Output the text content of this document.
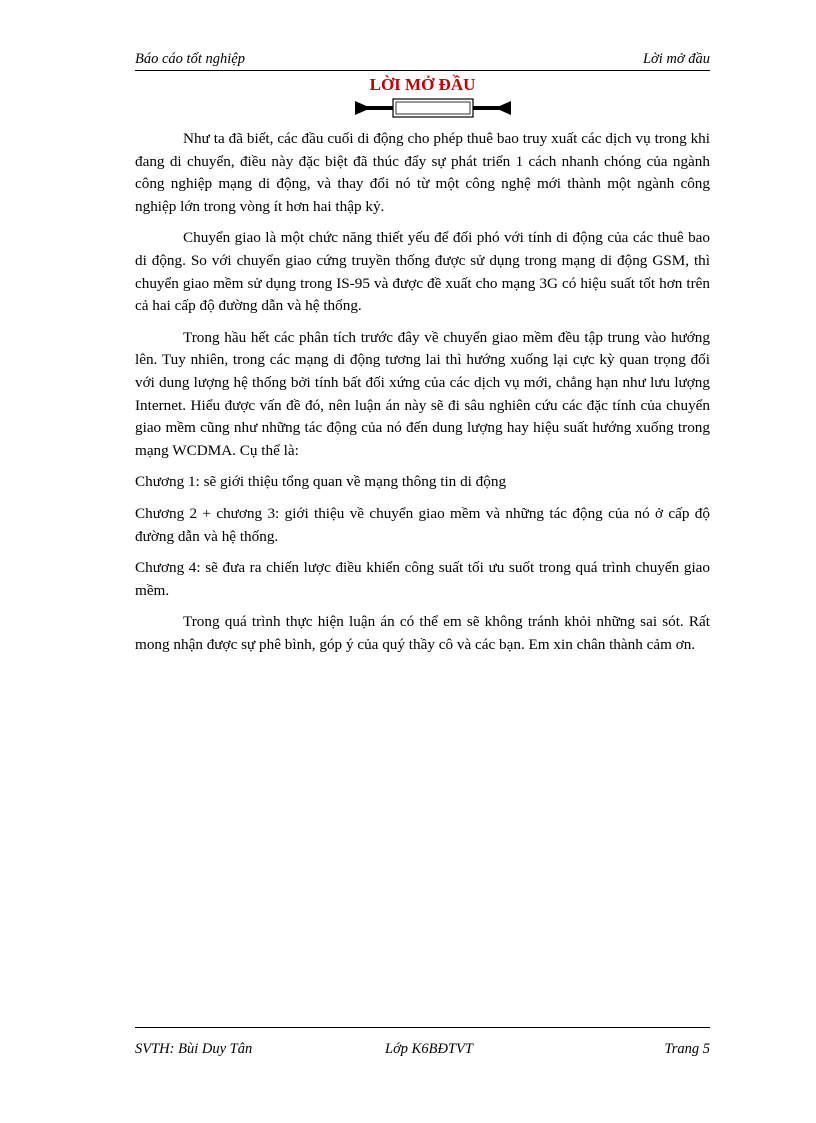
Báo cáo tốt nghiệp	Lời mở đầu
LỜI MỞ ĐẦU

Như ta đã biết, các đầu cuối di động cho phép thuê bao truy xuất các dịch vụ trong khi đang di chuyển, điều này đặc biệt đã thúc đẩy sự phát triển 1 cách nhanh chóng của ngành công nghiệp mạng di động, và thay đổi nó từ một công nghệ mới thành một ngành công nghiệp lớn trong vòng ít hơn hai thập kỷ.

Chuyển giao là một chức năng thiết yếu để đối phó với tính di động của các thuê bao di động. So với chuyển giao cứng truyền thống được sử dụng trong mạng di động GSM, thì chuyển giao mềm sử dụng trong IS-95 và được đề xuất cho mạng 3G có hiệu suất tốt hơn trên cả hai cấp độ đường dẫn và hệ thống.

Trong hầu hết các phân tích trước đây về chuyển giao mềm đều tập trung vào hướng lên. Tuy nhiên, trong các mạng di động tương lai thì hướng xuống lại cực kỳ quan trọng đối với dung lượng hệ thống bởi tính bất đối xứng của các dịch vụ mới, chẳng hạn như lưu lượng Internet. Hiểu được vấn đề đó, nên luận án này sẽ đi sâu nghiên cứu các đặc tính của chuyển giao mềm cũng như những tác động của nó đến dung lượng hay hiệu suất hướng xuống trong mạng WCDMA. Cụ thể là:

Chương 1: sẽ giới thiệu tổng quan về mạng thông tin di động

Chương 2 + chương 3: giới thiệu về chuyển giao mềm và những tác động của nó ở cấp độ đường dẫn và hệ thống.

Chương 4: sẽ đưa ra chiến lược điều khiển công suất tối ưu suốt trong quá trình chuyển giao mềm.

Trong quá trình thực hiện luận án có thể em sẽ không tránh khỏi những sai sót. Rất mong nhận được sự phê bình, góp ý của quý thầy cô và các bạn. Em xin chân thành cảm ơn.

SVTH: Bùi Duy Tân	Lớp K6BĐTVT	Trang 5
